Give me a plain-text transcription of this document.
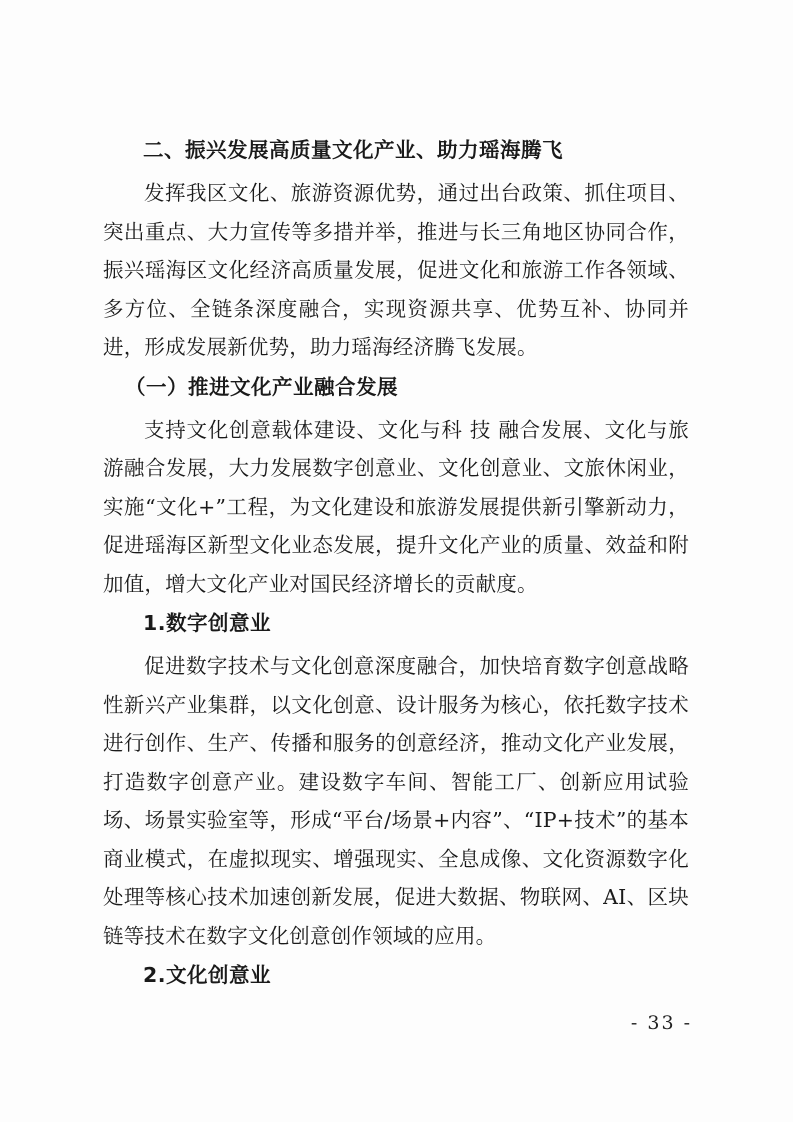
二、振兴发展高质量文化产业、助力瑶海腾飞
发挥我区文化、旅游资源优势，通过出台政策、抓住项目、突出重点、大力宣传等多措并举，推进与长三角地区协同合作，振兴瑶海区文化经济高质量发展，促进文化和旅游工作各领域、多方位、全链条深度融合，实现资源共享、优势互补、协同并进，形成发展新优势，助力瑶海经济腾飞发展。
（一）推进文化产业融合发展
支持文化创意载体建设、文化与科 技 融合发展、文化与旅游融合发展，大力发展数字创意业、文化创意业、文旅休闲业，实施“文化+”工程，为文化建设和旅游发展提供新引擎新动力，促进瑶海区新型文化业态发展，提升文化产业的质量、效益和附加值，增大文化产业对国民经济增长的贡献度。
1.数字创意业
促进数字技术与文化创意深度融合，加快培育数字创意战略性新兴产业集群，以文化创意、设计服务为核心，依托数字技术进行创作、生产、传播和服务的创意经济，推动文化产业发展，打造数字创意产业。建设数字车间、智能工厂、创新应用试验场、场景实验室等，形成“平台/场景+内容”、“IP+技术”的基本商业模式，在虚拟现实、增强现实、全息成像、文化资源数字化处理等核心技术加速创新发展，促进大数据、物联网、AI、区块链等技术在数字文化创意创作领域的应用。
2.文化创意业
- 33 -
